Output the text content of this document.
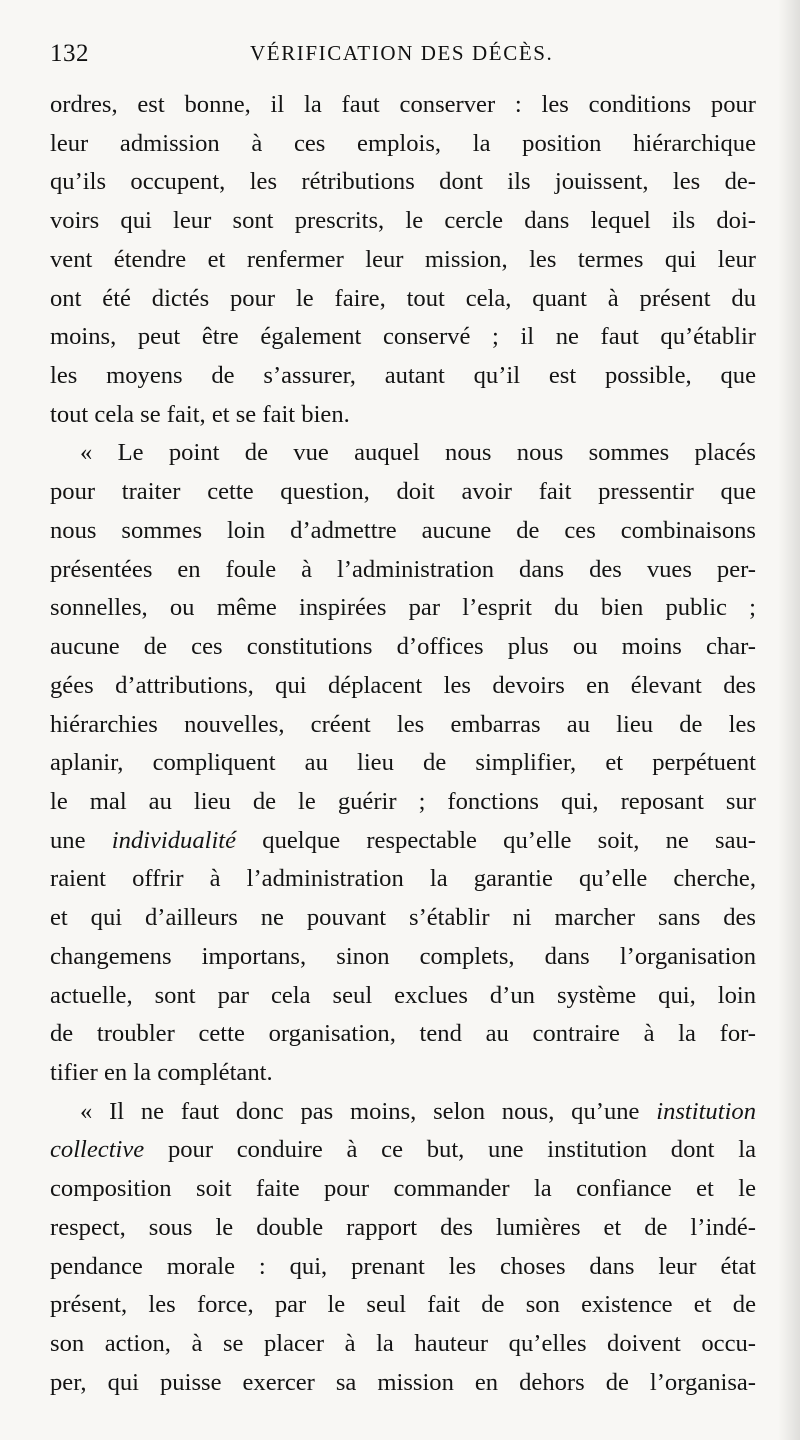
132	VÉRIFICATION DES DÉCÈS.
ordres, est bonne, il la faut conserver : les conditions pour
leur admission à ces emplois, la position hiérarchique
qu’ils occupent, les rétributions dont ils jouissent, les de-
voirs qui leur sont prescrits, le cercle dans lequel ils doi-
vent étendre et renfermer leur mission, les termes qui leur
ont été dictés pour le faire, tout cela, quant à présent du
moins, peut être également conservé ; il ne faut qu’établir
les moyens de s’assurer, autant qu’il est possible, que
tout cela se fait, et se fait bien.
« Le point de vue auquel nous nous sommes placés
pour traiter cette question, doit avoir fait pressentir que
nous sommes loin d’admettre aucune de ces combinaisons
présentées en foule à l’administration dans des vues per-
sonnelles, ou même inspirées par l’esprit du bien public ;
aucune de ces constitutions d’offices plus ou moins char-
gées d’attributions, qui déplacent les devoirs en élevant des
hiérarchies nouvelles, créent les embarras au lieu de les
aplanir, compliquent au lieu de simplifier, et perpétuent
le mal au lieu de le guérir ; fonctions qui, reposant sur
une individualité quelque respectable qu’elle soit, ne sau-
raient offrir à l’administration la garantie qu’elle cherche,
et qui d’ailleurs ne pouvant s’établir ni marcher sans des
changemens importans, sinon complets, dans l’organisation
actuelle, sont par cela seul exclues d’un système qui, loin
de troubler cette organisation, tend au contraire à la for-
tifier en la complétant.
« Il ne faut donc pas moins, selon nous, qu’une institution
collective pour conduire à ce but, une institution dont la
composition soit faite pour commander la confiance et le
respect, sous le double rapport des lumières et de l’indé-
pendance morale : qui, prenant les choses dans leur état
présent, les force, par le seul fait de son existence et de
son action, à se placer à la hauteur qu’elles doivent occu-
per, qui puisse exercer sa mission en dehors de l’organisa-
